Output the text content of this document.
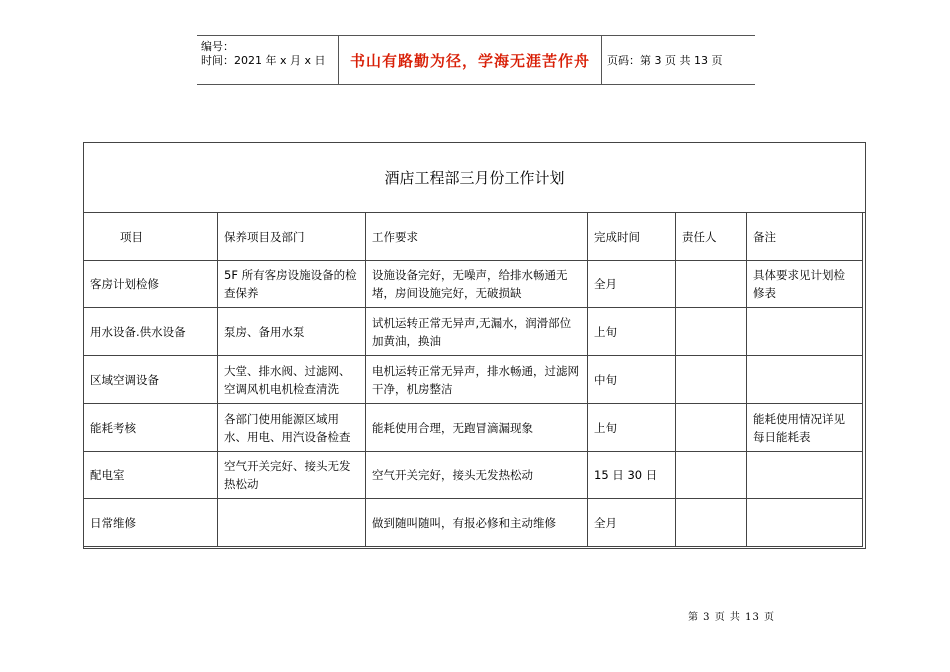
编号：
时间：2021 年 x 月 x 日	书山有路勤为径，学海无涯苦作舟	页码：第 3 页 共 13 页
酒店工程部三月份工作计划
项目	保养项目及部门	工作要求	完成时间	责任人	备注
客房计划检修	5F 所有客房设施设备的检查保养	设施设备完好，无噪声，给排水畅通无堵，房间设施完好，无破损缺	全月		具体要求见计划检修表
用水设备.供水设备	泵房、备用水泵	试机运转正常无异声,无漏水，润滑部位加黄油，换油	上旬		
区域空调设备	大堂、排水阀、过滤网、空调风机电机检查清洗	电机运转正常无异声，排水畅通，过滤网干净，机房整洁	中旬		
能耗考核	各部门使用能源区域用水、用电、用汽设备检查	能耗使用合理，无跑冒滴漏现象	上旬		能耗使用情况详见每日能耗表
配电室	空气开关完好、接头无发热松动	空气开关完好，接头无发热松动	15 日 30 日		
日常维修		做到随叫随叫，有报必修和主动维修	全月		
第 3 页 共 13 页
